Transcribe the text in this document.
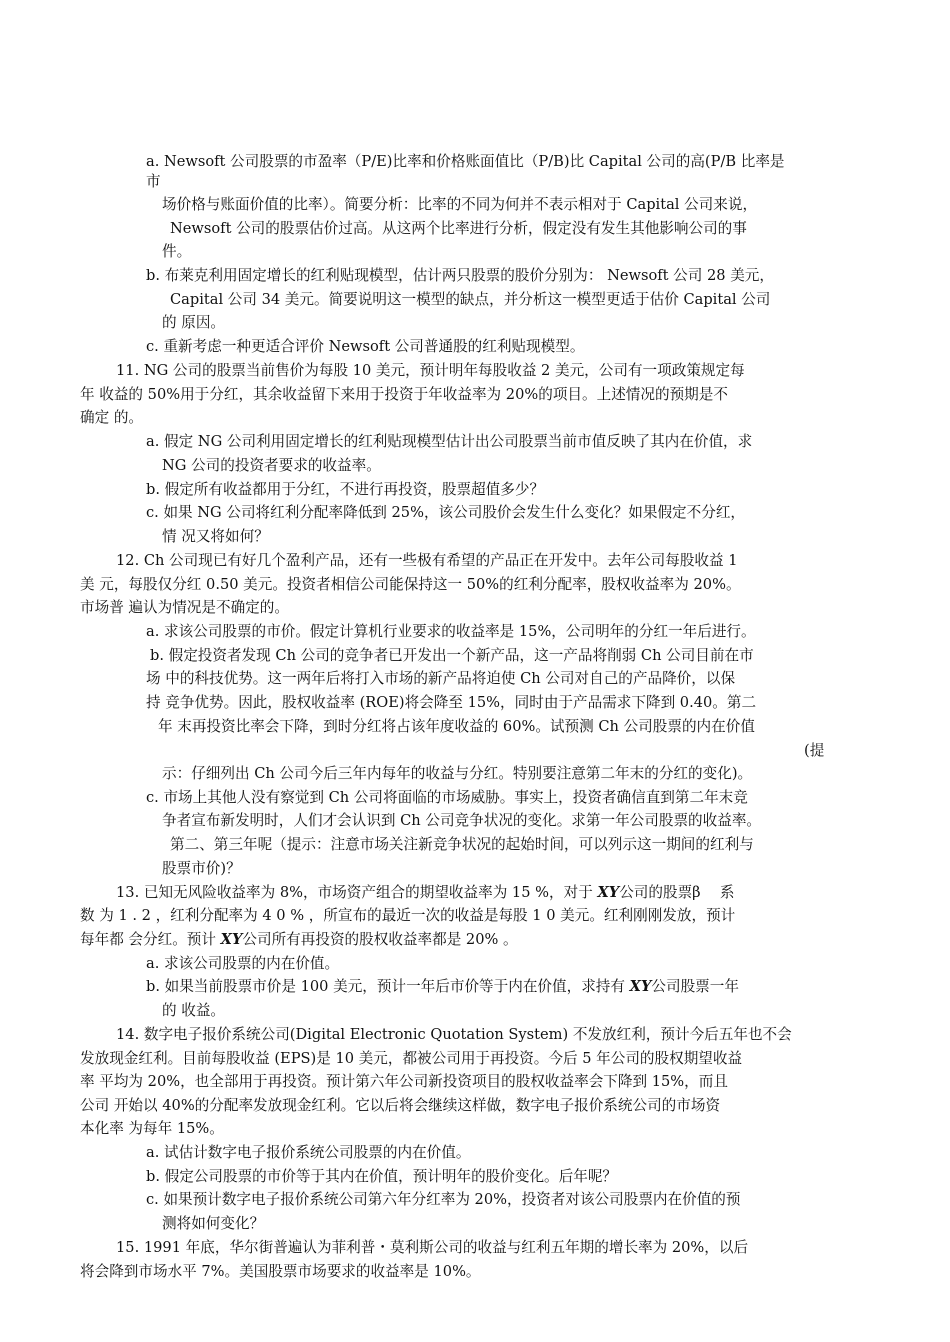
a. Newsoft 公司股票的市盈率（P/E)比率和价格账面值比（P/B)比 Capital 公司的高(P/B 比率是
市
场价格与账面价值的比率）。简要分析：比率的不同为何并不表示相对于 Capital 公司来说，
Newsoft 公司的股票估价过高。从这两个比率进行分析，假定没有发生其他影响公司的事
件。
b. 布莱克利用固定增长的红利贴现模型，估计两只股票的股价分别为： Newsoft 公司 28 美元，
Capital 公司 34 美元。简要说明这一模型的缺点，并分析这一模型更适于估价 Capital 公司
的 原因。
c. 重新考虑一种更适合评价 Newsoft 公司普通股的红利贴现模型。
11. NG 公司的股票当前售价为每股 10 美元，预计明年每股收益 2 美元，公司有一项政策规定每
年 收益的 50%用于分红，其余收益留下来用于投资于年收益率为 20%的项目。上述情况的预期是不
确定 的。
a. 假定 NG 公司利用固定增长的红利贴现模型估计出公司股票当前市值反映了其内在价值，求
NG 公司的投资者要求的收益率。
b. 假定所有收益都用于分红，不进行再投资，股票超值多少？
c. 如果 NG 公司将红利分配率降低到 25%，该公司股价会发生什么变化？如果假定不分红，
情 况又将如何？
12. Ch 公司现已有好几个盈利产品，还有一些极有希望的产品正在开发中。去年公司每股收益 1
美 元，每股仅分红 0.50 美元。投资者相信公司能保持这一 50%的红利分配率，股权收益率为 20%。
市场普 遍认为情况是不确定的。
a. 求该公司股票的市价。假定计算机行业要求的收益率是 15%，公司明年的分红一年后进行。
b. 假定投资者发现 Ch 公司的竞争者已开发出一个新产品，这一产品将削弱 Ch 公司目前在市
场 中的科技优势。这一两年后将打入市场的新产品将迫使 Ch 公司对自己的产品降价，以保
持 竞争优势。因此，股权收益率 (ROE)将会降至 15%，同时由于产品需求下降到 0.40。第二
年 末再投资比率会下降，到时分红将占该年度收益的 60%。试预测 Ch 公司股票的内在价值
(提
示：仔细列出 Ch 公司今后三年内每年的收益与分红。特别要注意第二年末的分红的变化)。
c. 市场上其他人没有察觉到 Ch 公司将面临的市场威胁。事实上，投资者确信直到第二年末竞
争者宣布新发明时，人们才会认识到 Ch 公司竞争状况的变化。求第一年公司股票的收益率。
第二、第三年呢（提示：注意市场关注新竞争状况的起始时间，可以列示这一期间的红利与
股票市价)？
13. 已知无风险收益率为 8%，市场资产组合的期望收益率为 15 %，对于 XY公司的股票β　 系
数 为 1 . 2 ，红利分配率为 4 0 % ，所宣布的最近一次的收益是每股 1 0 美元。红利刚刚发放，预计
每年都 会分红。预计 XY公司所有再投资的股权收益率都是 20% 。
a. 求该公司股票的内在价值。
b. 如果当前股票市价是 100 美元，预计一年后市价等于内在价值，求持有 XY公司股票一年
的 收益。
14. 数字电子报价系统公司(Digital Electronic Quotation System) 不发放红利，预计今后五年也不会
发放现金红利。目前每股收益 (EPS)是 10 美元，都被公司用于再投资。今后 5 年公司的股权期望收益
率 平均为 20%，也全部用于再投资。预计第六年公司新投资项目的股权收益率会下降到 15%，而且
公司 开始以 40%的分配率发放现金红利。它以后将会继续这样做，数字电子报价系统公司的市场资
本化率 为每年 15%。
a. 试估计数字电子报价系统公司股票的内在价值。
b. 假定公司股票的市价等于其内在价值，预计明年的股价变化。后年呢？
c. 如果预计数字电子报价系统公司第六年分红率为 20%，投资者对该公司股票内在价值的预
测将如何变化？
15. 1991 年底，华尔街普遍认为菲利普・莫利斯公司的收益与红利五年期的增长率为 20%，以后
将会降到市场水平 7%。美国股票市场要求的收益率是 10%。
